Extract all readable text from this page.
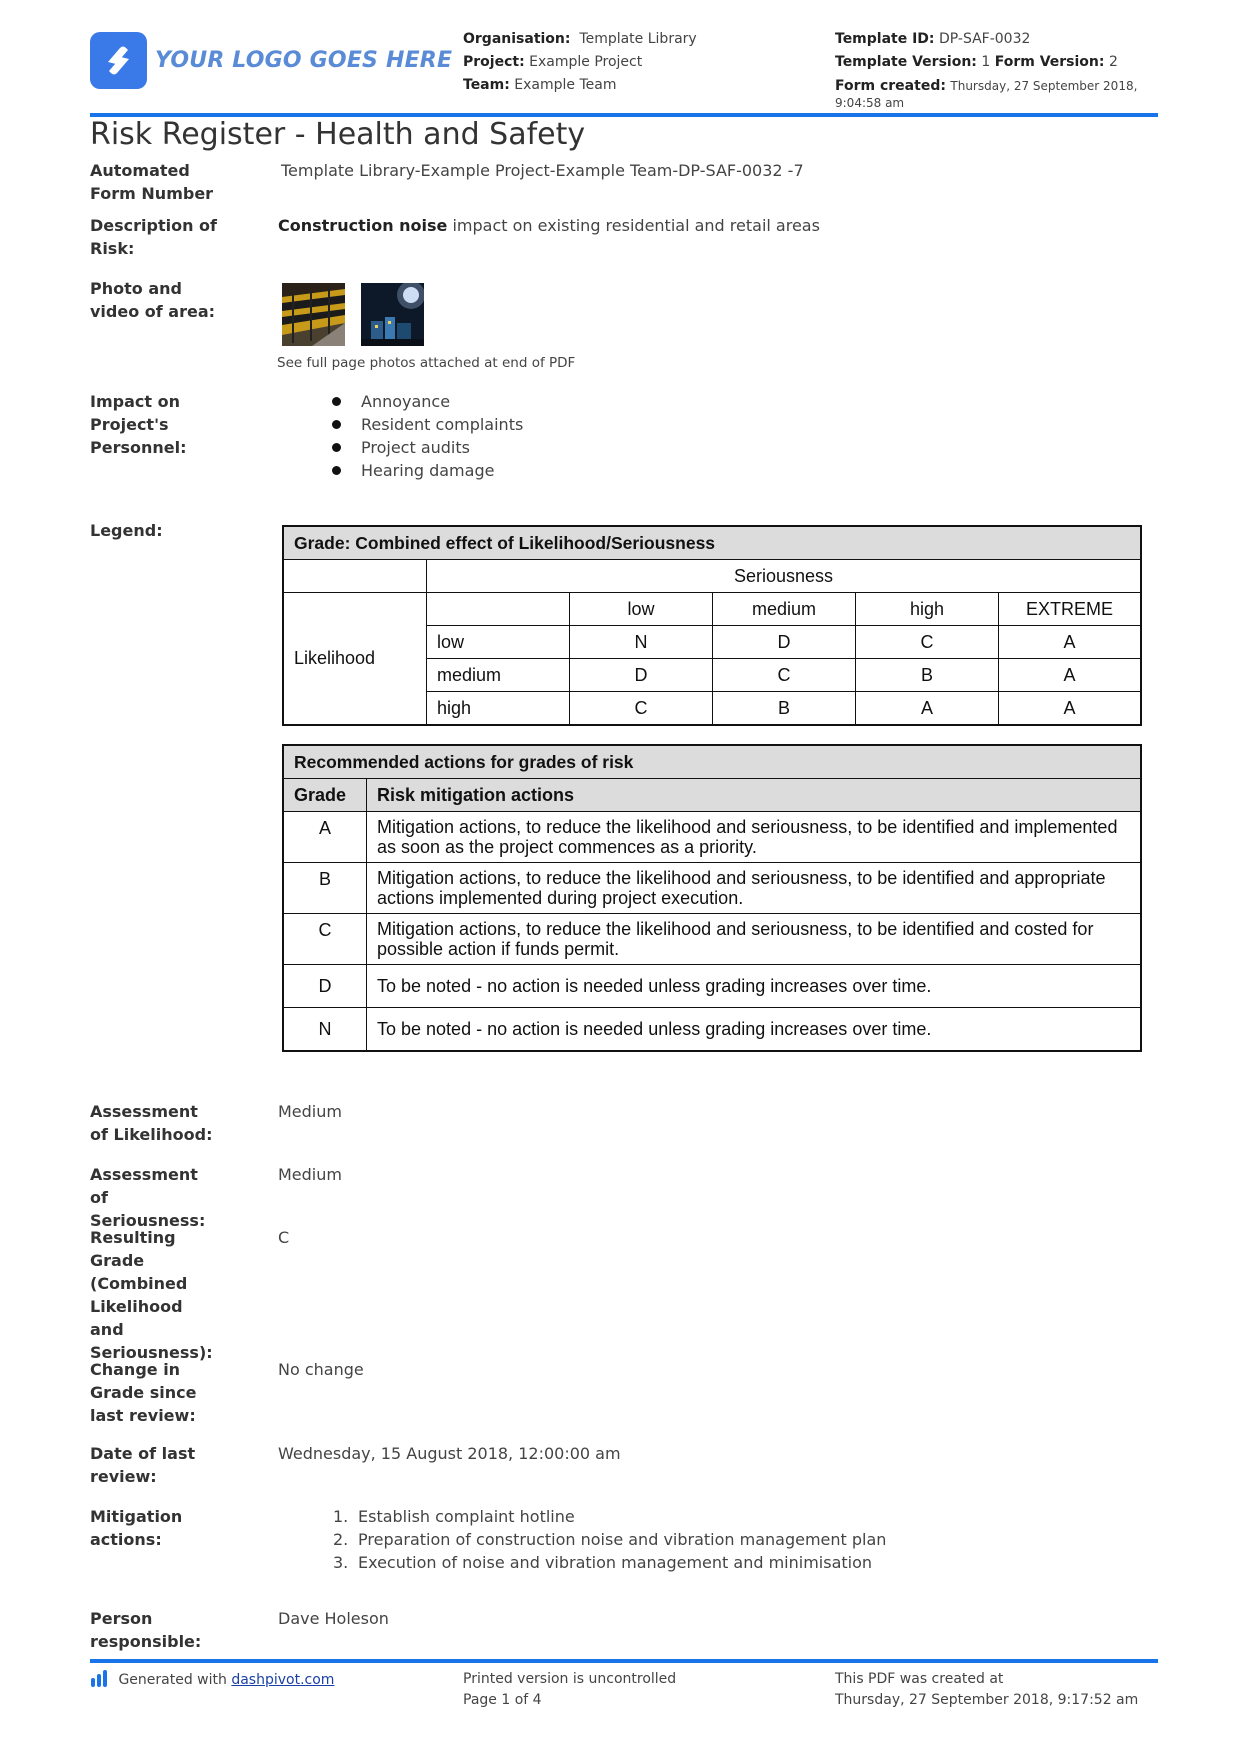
YOUR LOGO GOES HERE
Organisation: Template Library
Project: Example Project
Team: Example Team
Template ID: DP-SAF-0032
Template Version: 1 Form Version: 2
Form created: Thursday, 27 September 2018,
9:04:58 am
Risk Register - Health and Safety
Automated Form Number
Template Library-Example Project-Example Team-DP-SAF-0032 -7
Description of Risk:
Construction noise impact on existing residential and retail areas
Photo and video of area:
See full page photos attached at end of PDF
Impact on Project's Personnel:
Annoyance
Resident complaints
Project audits
Hearing damage
Legend:
Grade: Combined effect of Likelihood/Seriousness					
	Seriousness				
Likelihood		low	medium	high	EXTREME
	low	N	D	C	A
	medium	D	C	B	A
	high	C	B	A	A
Recommended actions for grades of risk	
Grade	Risk mitigation actions
A	Mitigation actions, to reduce the likelihood and seriousness, to be identified and implemented as soon as the project commences as a priority.
B	Mitigation actions, to reduce the likelihood and seriousness, to be identified and appropriate actions implemented during project execution.
C	Mitigation actions, to reduce the likelihood and seriousness, to be identified and costed for possible action if funds permit.
D	To be noted - no action is needed unless grading increases over time.
N	To be noted - no action is needed unless grading increases over time.
Assessment of Likelihood:
Medium
Assessment of Seriousness:
Medium
Resulting Grade (Combined Likelihood and Seriousness):
C
Change in Grade since last review:
No change
Date of last review:
Wednesday, 15 August 2018, 12:00:00 am
Mitigation actions:
1. Establish complaint hotline
2. Preparation of construction noise and vibration management plan
3. Execution of noise and vibration management and minimisation
Person responsible:
Dave Holeson
Generated with dashpivot.com	Printed version is uncontrolled
Page 1 of 4
This PDF was created at
Thursday, 27 September 2018, 9:17:52 am
